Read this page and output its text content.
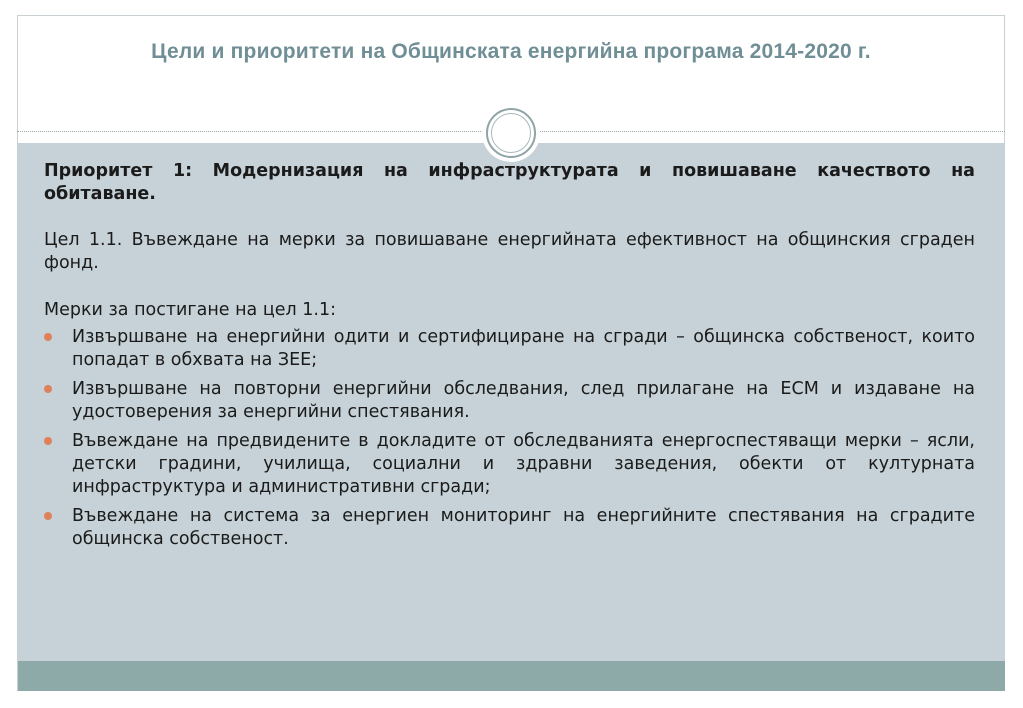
Цели и приоритети на Общинската енергийна програма 2014-2020 г.

Приоритет 1: Модернизация на инфраструктурата и повишаване качеството на обитаване.

Цел 1.1. Въвеждане на мерки за повишаване енергийната ефективност на общинския сграден фонд.

Мерки за постигане на цел 1.1:

Извършване на енергийни одити и сертифициране на сгради – общинска собственост, които попадат в обхвата на ЗЕЕ;
Извършване на повторни енергийни обследвания, след прилагане на ЕСМ и издаване на удостоверения за енергийни спестявания.
Въвеждане на предвидените в докладите от обследванията енергоспестяващи мерки – ясли, детски градини, училища, социални и здравни заведения, обекти от културната инфраструктура и административни сгради;
Въвеждане на система за енергиен мониторинг на енергийните спестявания на сградите общинска собственост.
